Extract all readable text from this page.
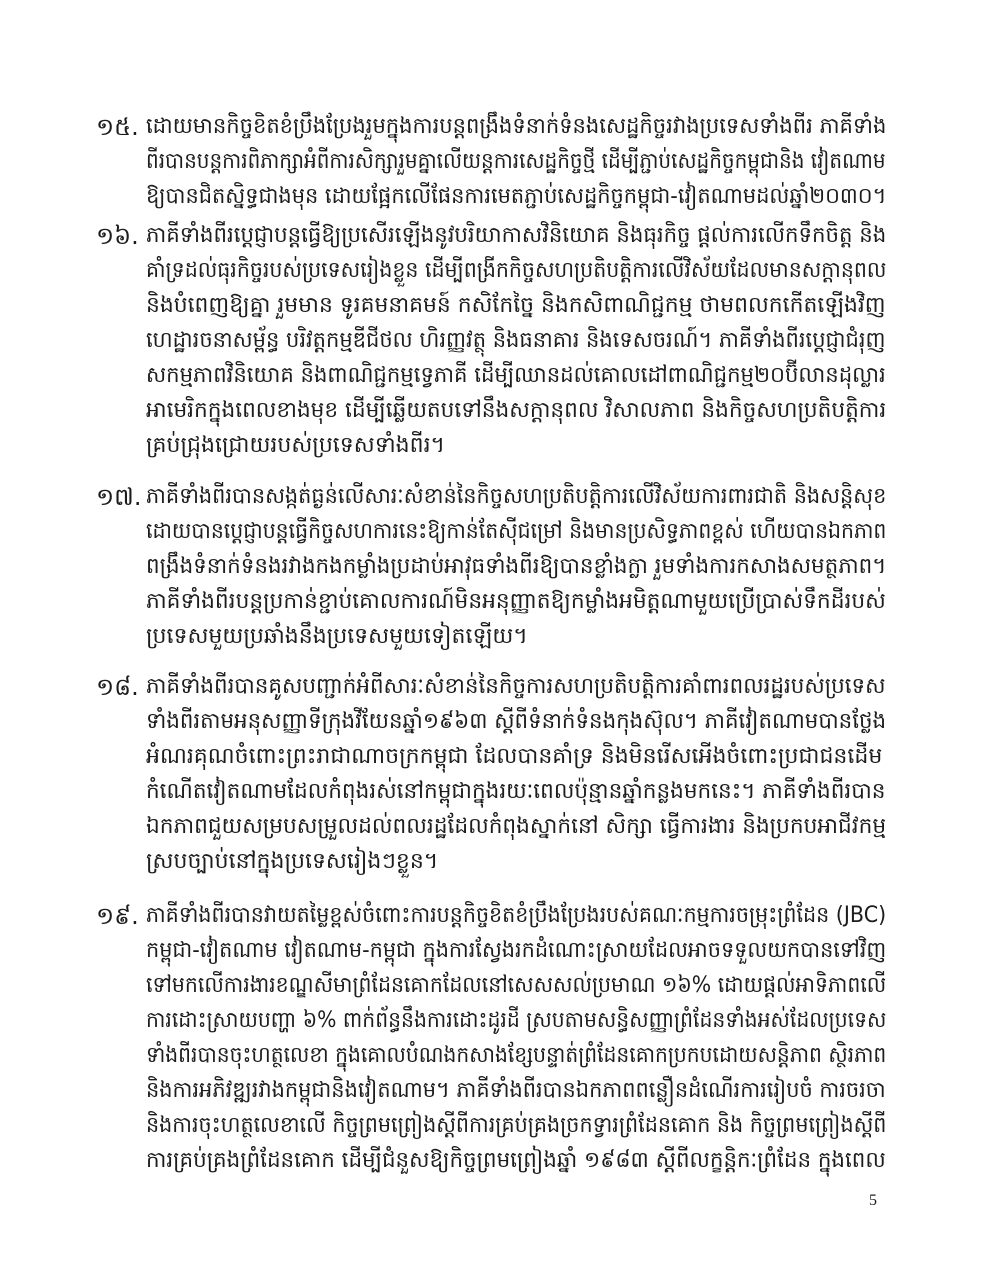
១៥. ដោយមានកិច្ចខិតខំប្រឹងប្រែងរួមក្នុងការបន្តពង្រឹងទំនាក់ទំនងសេដ្ឋកិច្ចរវាងប្រទេសទាំងពីរ ភាគីទាំង
ពីរបានបន្តការពិភាក្សាអំពីការសិក្សារួមគ្នាលើយន្តការសេដ្ឋកិច្ចថ្មី ដើម្បីភ្ជាប់សេដ្ឋកិច្ចកម្ពុជានិង វៀតណាម
ឱ្យបានជិតស្និទ្ធជាងមុន ដោយផ្អែកលើផែនការមេតភ្ជាប់សេដ្ឋកិច្ចកម្ពុជា-វៀតណាមដល់ឆ្នាំ២០៣០។
១៦. ភាគីទាំងពីរប្តេជ្ញាបន្តធ្វើឱ្យប្រសើរឡើងនូវបរិយាកាសវិនិយោគ និងធុរកិច្ច ផ្តល់ការលើកទឹកចិត្ត និង
គាំទ្រដល់ធុរកិច្ចរបស់ប្រទេសរៀងខ្លួន ដើម្បីពង្រីកកិច្ចសហប្រតិបត្តិការលើវិស័យដែលមានសក្តានុពល
និងបំពេញឱ្យគ្នា រួមមាន ទូរគមនាគមន៍ កសិកែច្នៃ និងកសិពាណិជ្ជកម្ម ថាមពលកកើតឡើងវិញ
ហេដ្ឋារចនាសម្ព័ន្ធ បរិវត្តកម្មឌីជីថល ហិរញ្ញវត្ថុ និងធនាគារ និងទេសចរណ៍។ ភាគីទាំងពីរប្តេជ្ញាជំរុញ
សកម្មភាពវិនិយោគ និងពាណិជ្ជកម្មទ្វេភាគី ដើម្បីឈានដល់គោលដៅពាណិជ្ជកម្ម២០ប៊ីលានដុល្លារ
អាមេរិកក្នុងពេលខាងមុខ ដើម្បីឆ្លើយតបទៅនឹងសក្តានុពល វិសាលភាព និងកិច្ចសហប្រតិបត្តិការ
គ្រប់ជ្រុងជ្រោយរបស់ប្រទេសទាំងពីរ។
១៧. ភាគីទាំងពីរបានសង្កត់ធ្ងន់លើសារៈសំខាន់នៃកិច្ចសហប្រតិបត្តិការលើវិស័យការពារជាតិ និងសន្តិសុខ
ដោយបានប្តេជ្ញាបន្តធ្វើកិច្ចសហការនេះឱ្យកាន់តែស៊ីជម្រៅ និងមានប្រសិទ្ធភាពខ្ពស់ ហើយបានឯកភាព
ពង្រឹងទំនាក់ទំនងរវាងកងកម្លាំងប្រដាប់អាវុធទាំងពីរឱ្យបានខ្លាំងក្លា រួមទាំងការកសាងសមត្ថភាព។
ភាគីទាំងពីរបន្តប្រកាន់ខ្ជាប់គោលការណ៍មិនអនុញ្ញាតឱ្យកម្លាំងអមិត្តណាមួយប្រើប្រាស់ទឹកដីរបស់
ប្រទេសមួយប្រឆាំងនឹងប្រទេសមួយទៀតឡើយ។
១៨. ភាគីទាំងពីរបានគូសបញ្ជាក់អំពីសារៈសំខាន់នៃកិច្ចការសហប្រតិបត្តិការគាំពារពលរដ្ឋរបស់ប្រទេស
ទាំងពីរតាមអនុសញ្ញាទីក្រុងវីយែនឆ្នាំ១៩៦៣ ស្តីពីទំនាក់ទំនងកុងស៊ុល។ ភាគីវៀតណាមបានថ្លែង
អំណរគុណចំពោះព្រះរាជាណាចក្រកម្ពុជា ដែលបានគាំទ្រ និងមិនរើសអើងចំពោះប្រជាជនដើម
កំណើតវៀតណាមដែលកំពុងរស់នៅកម្ពុជាក្នុងរយៈពេលប៉ុន្មានឆ្នាំកន្លងមកនេះ។ ភាគីទាំងពីរបាន
ឯកភាពជួយសម្របសម្រួលដល់ពលរដ្ឋដែលកំពុងស្នាក់នៅ សិក្សា ធ្វើការងារ និងប្រកបអាជីវកម្ម
ស្របច្បាប់នៅក្នុងប្រទេសរៀងៗខ្លួន។
១៩. ភាគីទាំងពីរបានវាយតម្លៃខ្ពស់ចំពោះការបន្តកិច្ចខិតខំប្រឹងប្រែងរបស់គណៈកម្មការចម្រុះព្រំដែន (JBC)
កម្ពុជា-វៀតណាម វៀតណាម-កម្ពុជា ក្នុងការស្វែងរកដំណោះស្រាយដែលអាចទទួលយកបានទៅវិញ
ទៅមកលើការងារខណ្ឌសីមាព្រំដែនគោកដែលនៅសេសសល់ប្រមាណ ១៦% ដោយផ្តល់អាទិភាពលើ
ការដោះស្រាយបញ្ហា ៦% ពាក់ព័ន្ធនឹងការដោះដូរដី ស្របតាមសន្ធិសញ្ញាព្រំដែនទាំងអស់ដែលប្រទេស
ទាំងពីរបានចុះហត្ថលេខា ក្នុងគោលបំណងកសាងខ្សែបន្ទាត់ព្រំដែនគោកប្រកបដោយសន្តិភាព ស្ថិរភាព
និងការអភិវឌ្ឍរវាងកម្ពុជានិងវៀតណាម។ ភាគីទាំងពីរបានឯកភាពពន្លឿនដំណើរការរៀបចំ ការចរចា
និងការចុះហត្ថលេខាលើ កិច្ចព្រមព្រៀងស្តីពីការគ្រប់គ្រងច្រកទ្វារព្រំដែនគោក និង កិច្ចព្រមព្រៀងស្តីពី
ការគ្រប់គ្រងព្រំដែនគោក ដើម្បីជំនួសឱ្យកិច្ចព្រមព្រៀងឆ្នាំ ១៩៨៣ ស្តីពីលក្ខន្តិកៈព្រំដែន ក្នុងពេល
5
